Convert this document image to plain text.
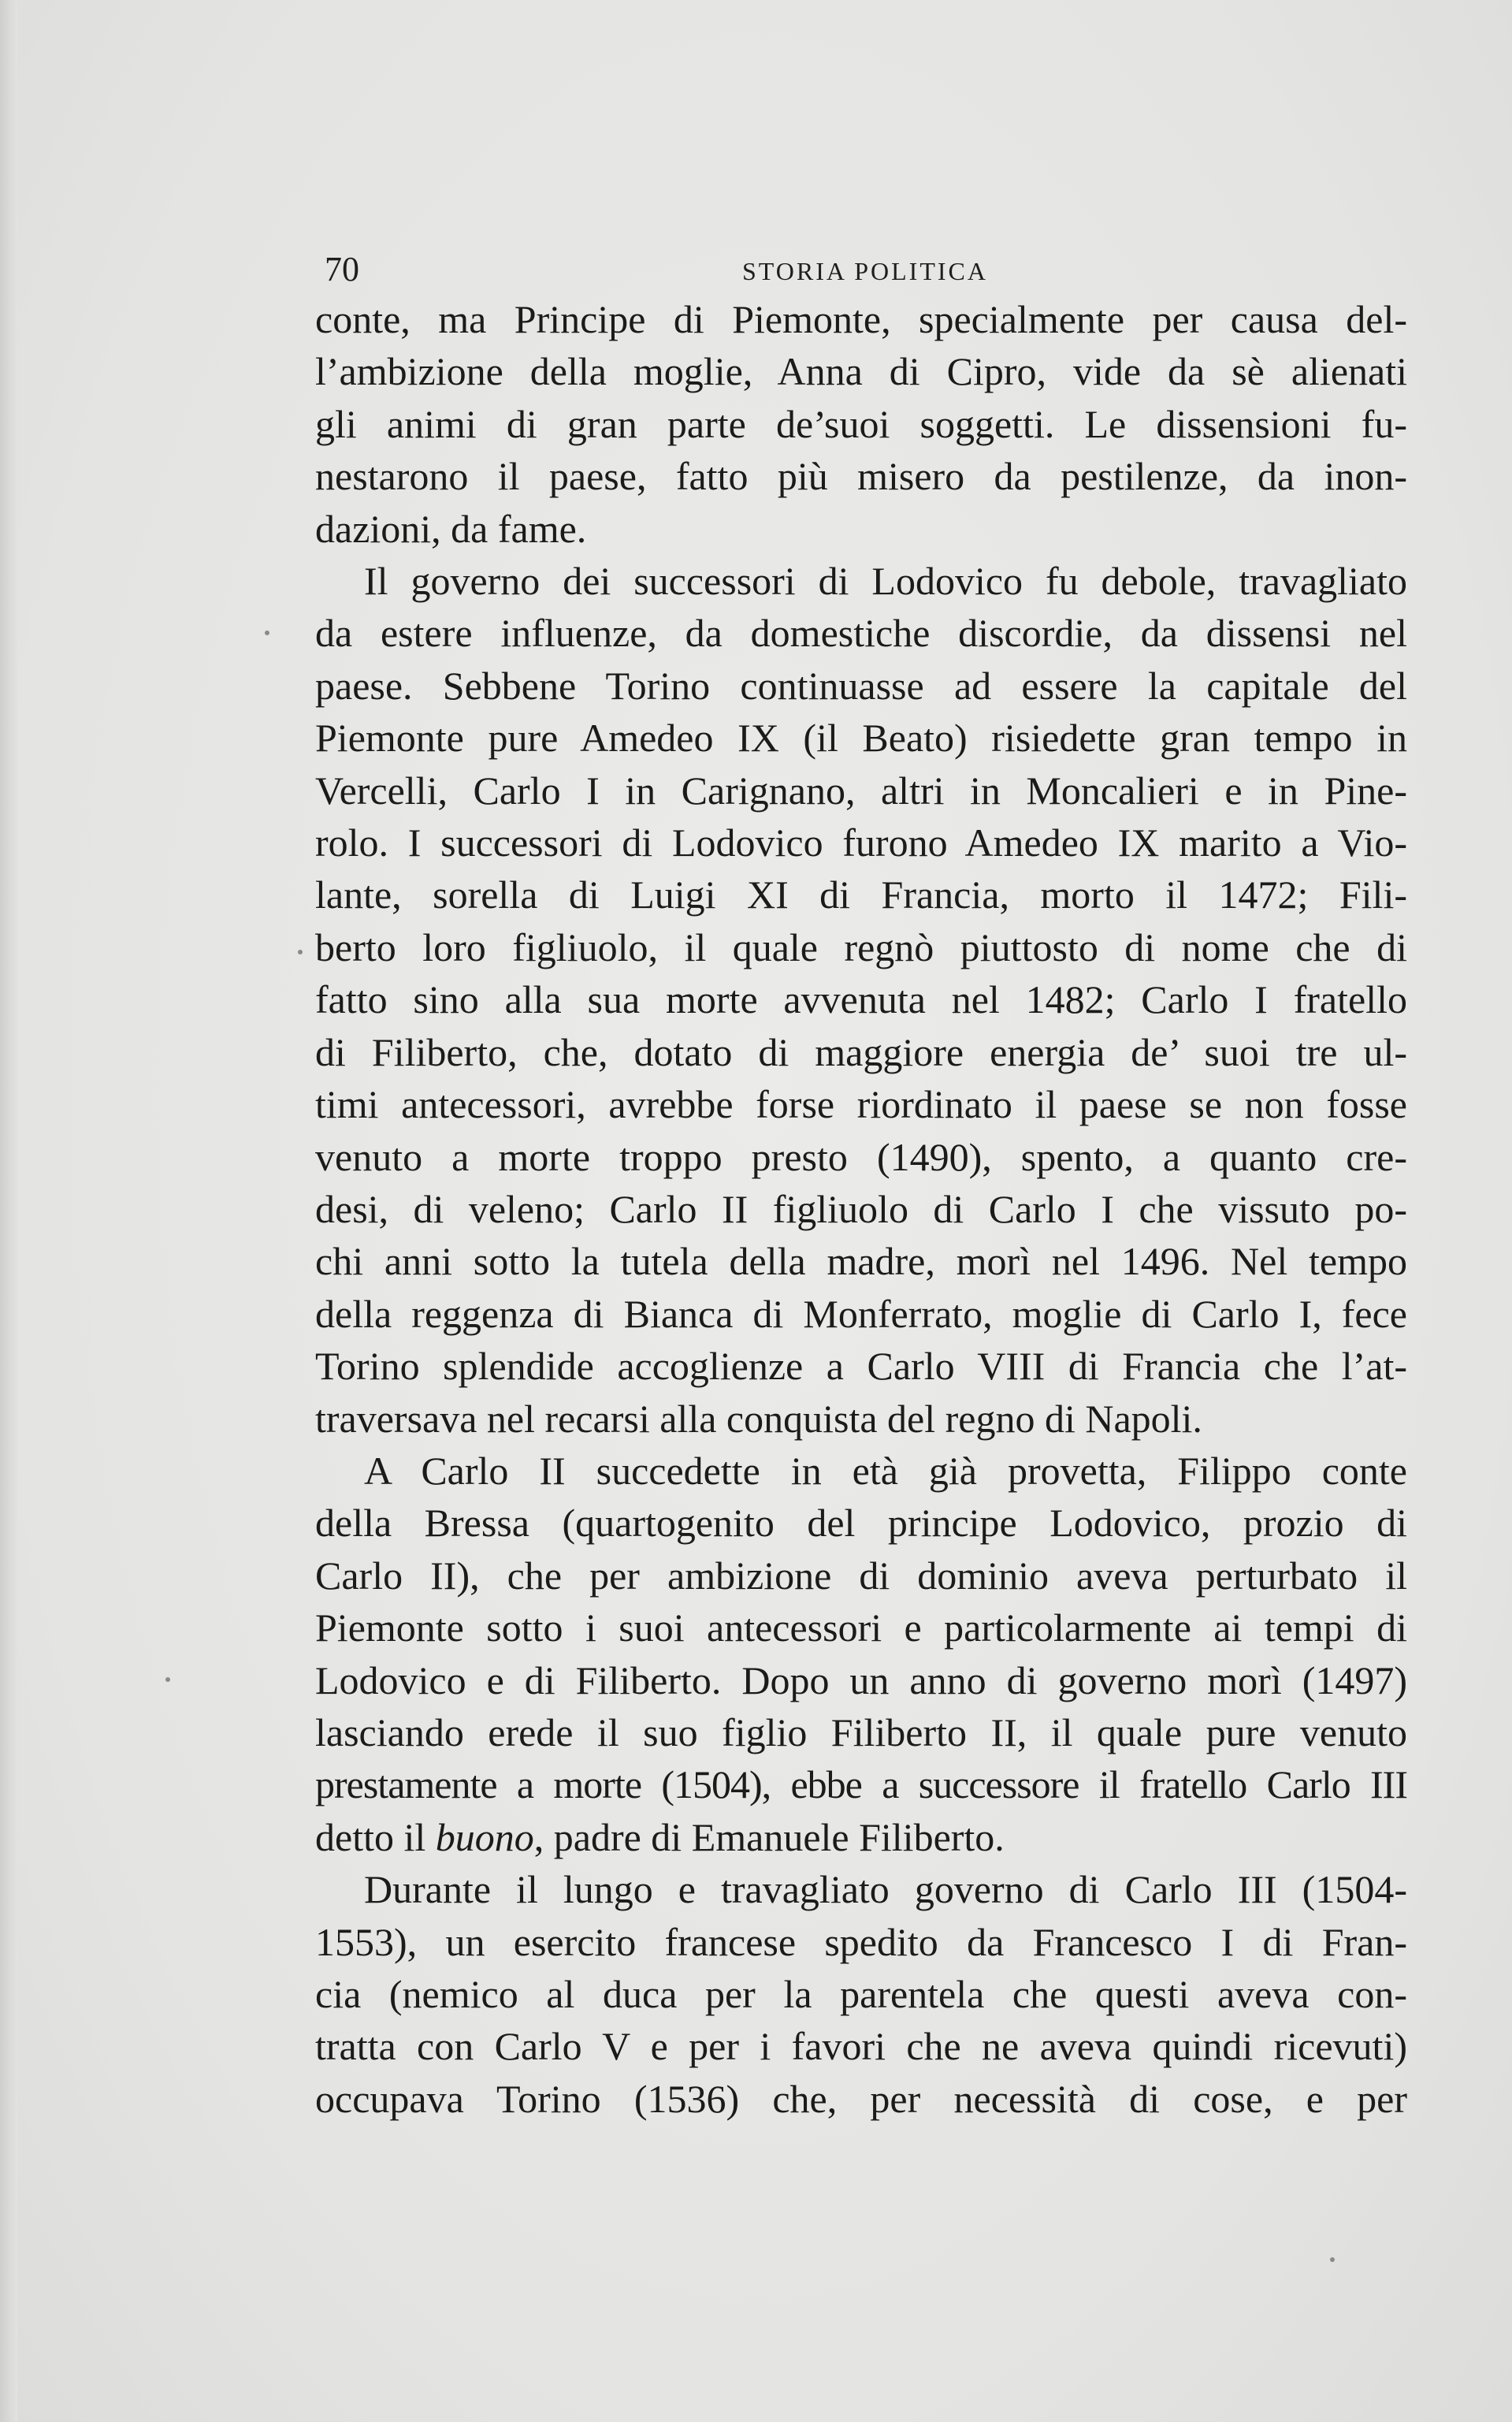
70	STORIA POLITICA

conte, ma Principe di Piemonte, specialmente per causa del-
l’ambizione della moglie, Anna di Cipro, vide da sè alienati
gli animi di gran parte de’suoi soggetti. Le dissensioni fu-
nestarono il paese, fatto più misero da pestilenze, da inon-
dazioni, da fame.

Il governo dei successori di Lodovico fu debole, travagliato
da estere influenze, da domestiche discordie, da dissensi nel
paese. Sebbene Torino continuasse ad essere la capitale del
Piemonte pure Amedeo IX (il Beato) risiedette gran tempo in
Vercelli, Carlo I in Carignano, altri in Moncalieri e in Pine-
rolo. I successori di Lodovico furono Amedeo IX marito a Vio-
lante, sorella di Luigi XI di Francia, morto il 1472; Fili-
berto loro figliuolo, il quale regnò piuttosto di nome che di
fatto sino alla sua morte avvenuta nel 1482; Carlo I fratello
di Filiberto, che, dotato di maggiore energia de’ suoi tre ul-
timi antecessori, avrebbe forse riordinato il paese se non fosse
venuto a morte troppo presto (1490), spento, a quanto cre-
desi, di veleno; Carlo II figliuolo di Carlo I che vissuto po-
chi anni sotto la tutela della madre, morì nel 1496. Nel tempo
della reggenza di Bianca di Monferrato, moglie di Carlo I, fece
Torino splendide accoglienze a Carlo VIII di Francia che l’at-
traversava nel recarsi alla conquista del regno di Napoli.

A Carlo II succedette in età già provetta, Filippo conte
della Bressa (quartogenito del principe Lodovico, prozio di
Carlo II), che per ambizione di dominio aveva perturbato il
Piemonte sotto i suoi antecessori e particolarmente ai tempi di
Lodovico e di Filiberto. Dopo un anno di governo morì (1497)
lasciando erede il suo figlio Filiberto II, il quale pure venuto
prestamente a morte (1504), ebbe a successore il fratello Carlo III
detto il buono, padre di Emanuele Filiberto.

Durante il lungo e travagliato governo di Carlo III (1504-
1553), un esercito francese spedito da Francesco I di Fran-
cia (nemico al duca per la parentela che questi aveva con-
tratta con Carlo V e per i favori che ne aveva quindi ricevuti)
occupava Torino (1536) che, per necessità di cose, e per
